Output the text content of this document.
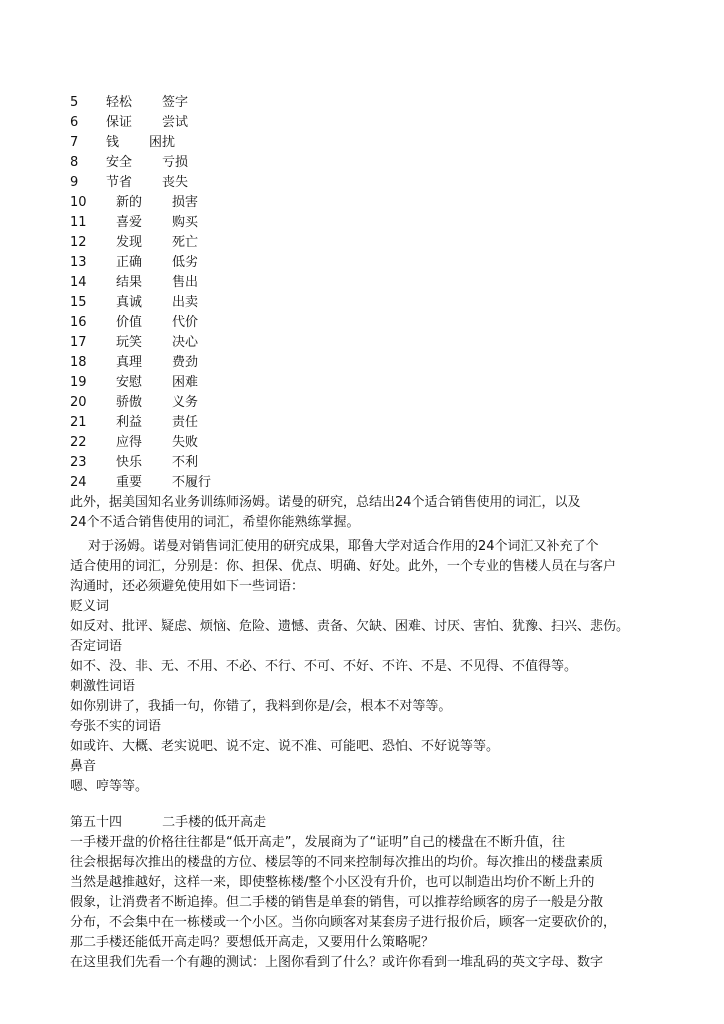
5	轻松 签字
6	保证 尝试
7	钱 困扰
8	安全 亏损
9	节省 丧失
10	新的 损害
11	喜爱 购买
12	发现 死亡
13	正确 低劣
14	结果 售出
15	真诚 出卖
16	价值 代价
17	玩笑 决心
18	真理 费劲
19	安慰 困难
20	骄傲 义务
21	利益 责任
22	应得 失败
23	快乐 不利
24	重要 不履行
此外，据美国知名业务训练师汤姆。诺曼的研究，总结出24个适合销售使用的词汇，以及
24个不适合销售使用的词汇，希望你能熟练掌握。
对于汤姆。诺曼对销售词汇使用的研究成果，耶鲁大学对适合作用的24个词汇又补充了个
适合使用的词汇，分别是：你、担保、优点、明确、好处。此外，一个专业的售楼人员在与客户
沟通时，还必须避免使用如下一些词语：
贬义词
如反对、批评、疑虑、烦恼、危险、遗憾、责备、欠缺、困难、讨厌、害怕、犹豫、扫兴、悲伤。
否定词语
如不、没、非、无、不用、不必、不行、不可、不好、不许、不是、不见得、不值得等。
刺激性词语
如你别讲了，我插一句，你错了，我料到你是/会，根本不对等等。
夸张不实的词语
如或许、大概、老实说吧、说不定、说不准、可能吧、恐怕、不好说等等。
鼻音
嗯、哼等等。
第五十四	二手楼的低开高走
一手楼开盘的价格往往都是“低开高走”，发展商为了“证明”自己的楼盘在不断升值，往
往会根据每次推出的楼盘的方位、楼层等的不同来控制每次推出的均价。每次推出的楼盘素质
当然是越推越好，这样一来，即使整栋楼/整个小区没有升价，也可以制造出均价不断上升的
假象，让消费者不断追捧。但二手楼的销售是单套的销售，可以推荐给顾客的房子一般是分散
分布，不会集中在一栋楼或一个小区。当你向顾客对某套房子进行报价后，顾客一定要砍价的，
那二手楼还能低开高走吗？要想低开高走，又要用什么策略呢？
在这里我们先看一个有趣的测试：上图你看到了什么？或许你看到一堆乱码的英文字母、数字
